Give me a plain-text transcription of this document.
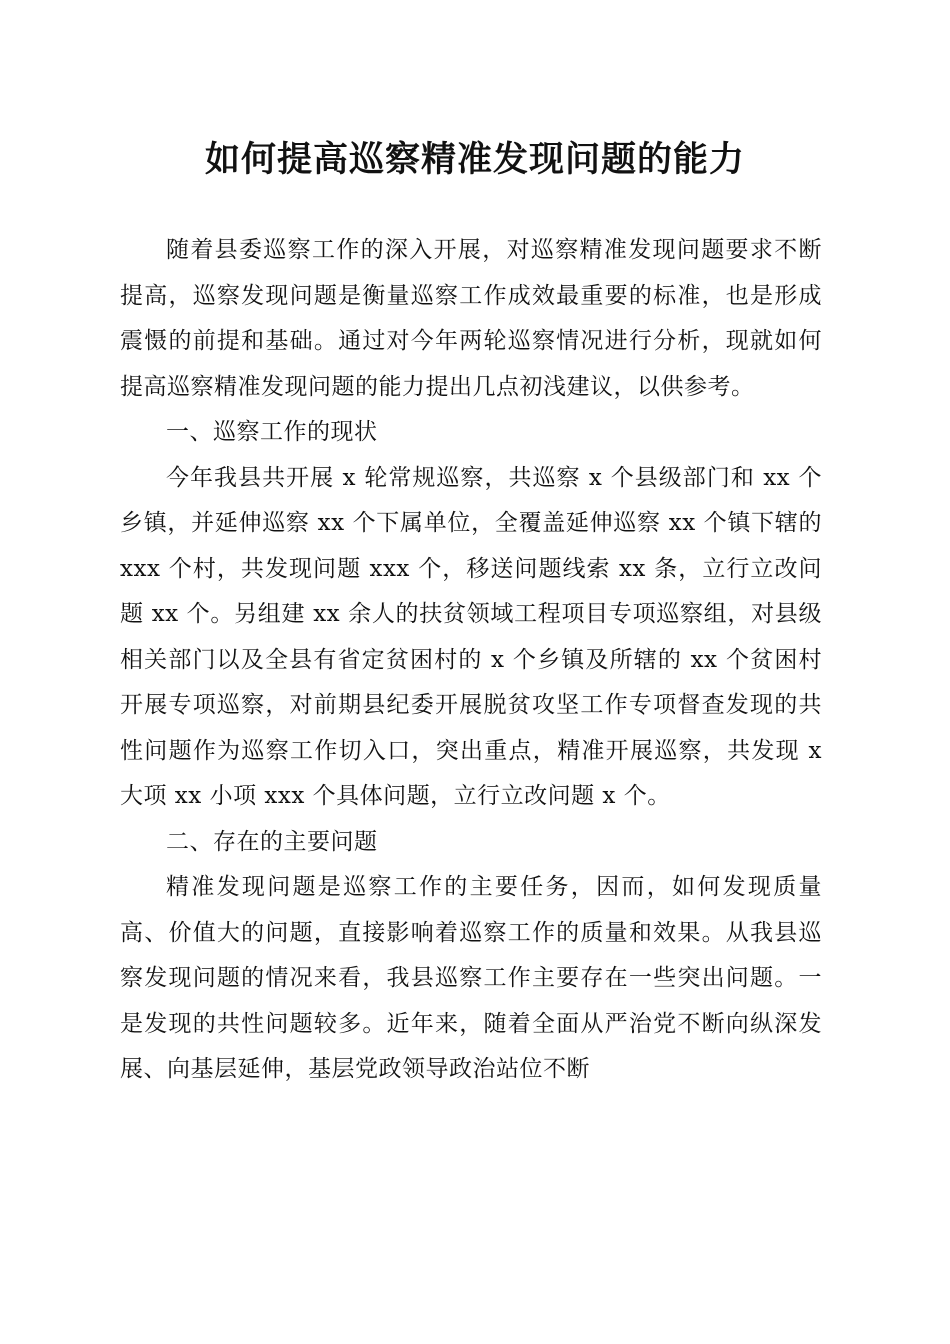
如何提高巡察精准发现问题的能力

随着县委巡察工作的深入开展，对巡察精准发现问题要求不断提高，巡察发现问题是衡量巡察工作成效最重要的标准，也是形成震慑的前提和基础。通过对今年两轮巡察情况进行分析，现就如何提高巡察精准发现问题的能力提出几点初浅建议，以供参考。

一、巡察工作的现状

今年我县共开展 x 轮常规巡察，共巡察 x 个县级部门和 xx 个乡镇，并延伸巡察 xx 个下属单位，全覆盖延伸巡察 xx 个镇下辖的 xxx 个村，共发现问题 xxx 个，移送问题线索 xx 条，立行立改问题 xx 个。另组建 xx 余人的扶贫领域工程项目专项巡察组，对县级相关部门以及全县有省定贫困村的 x 个乡镇及所辖的 xx 个贫困村开展专项巡察，对前期县纪委开展脱贫攻坚工作专项督查发现的共性问题作为巡察工作切入口，突出重点，精准开展巡察，共发现 x 大项 xx 小项 xxx 个具体问题，立行立改问题 x 个。

二、存在的主要问题

精准发现问题是巡察工作的主要任务，因而，如何发现质量高、价值大的问题，直接影响着巡察工作的质量和效果。从我县巡察发现问题的情况来看，我县巡察工作主要存在一些突出问题。一是发现的共性问题较多。近年来，随着全面从严治党不断向纵深发展、向基层延伸，基层党政领导政治站位不断
